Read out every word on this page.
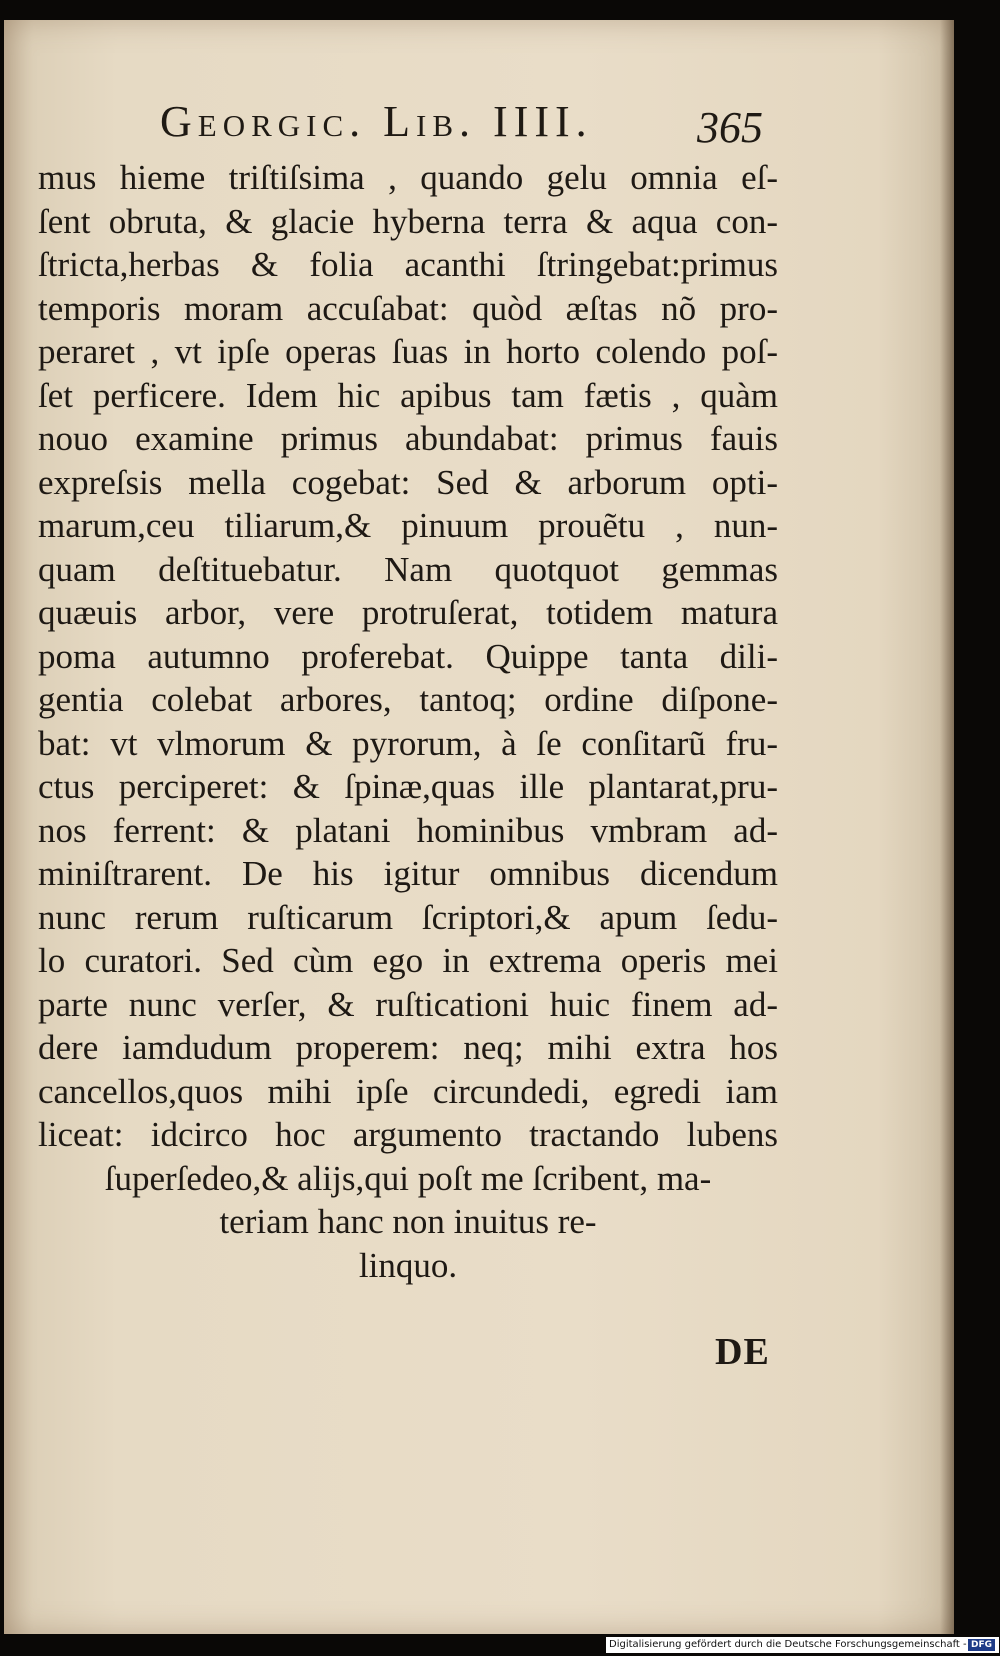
Georgic. Lib. IIII. 365
mus hieme triſtiſsima , quando gelu omnia eſ-
ſent obruta, & glacie hyberna terra & aqua con-
ſtricta,herbas & folia acanthi ſtringebat:primus
temporis moram accuſabat: quòd æſtas nõ pro-
peraret , vt ipſe operas ſuas in horto colendo poſ-
ſet perficere. Idem hic apibus tam fætis , quàm
nouo examine primus abundabat: primus fauis
expreſsis mella cogebat: Sed & arborum opti-
marum,ceu tiliarum,& pinuum prouẽtu , nun-
quam deſtituebatur. Nam quotquot gemmas
quæuis arbor, vere protruſerat, totidem matura
poma autumno proferebat. Quippe tanta dili-
gentia colebat arbores, tantoq; ordine diſpone-
bat: vt vlmorum & pyrorum, à ſe conſitarũ fru-
ctus perciperet: & ſpinæ,quas ille plantarat,pru-
nos ferrent: & platani hominibus vmbram ad-
miniſtrarent. De his igitur omnibus dicendum
nunc rerum ruſticarum ſcriptori,& apum ſedu-
lo curatori. Sed cùm ego in extrema operis mei
parte nunc verſer, & ruſticationi huic finem ad-
dere iamdudum properem: neq; mihi extra hos
cancellos,quos mihi ipſe circundedi, egredi iam
liceat: idcirco hoc argumento tractando lubens
ſuperſedeo,& alijs,qui poſt me ſcribent, ma-
teriam hanc non inuitus re-
linquo.
DE
Digitalisierung gefördert durch die Deutsche Forschungsgemeinschaft - DFG
